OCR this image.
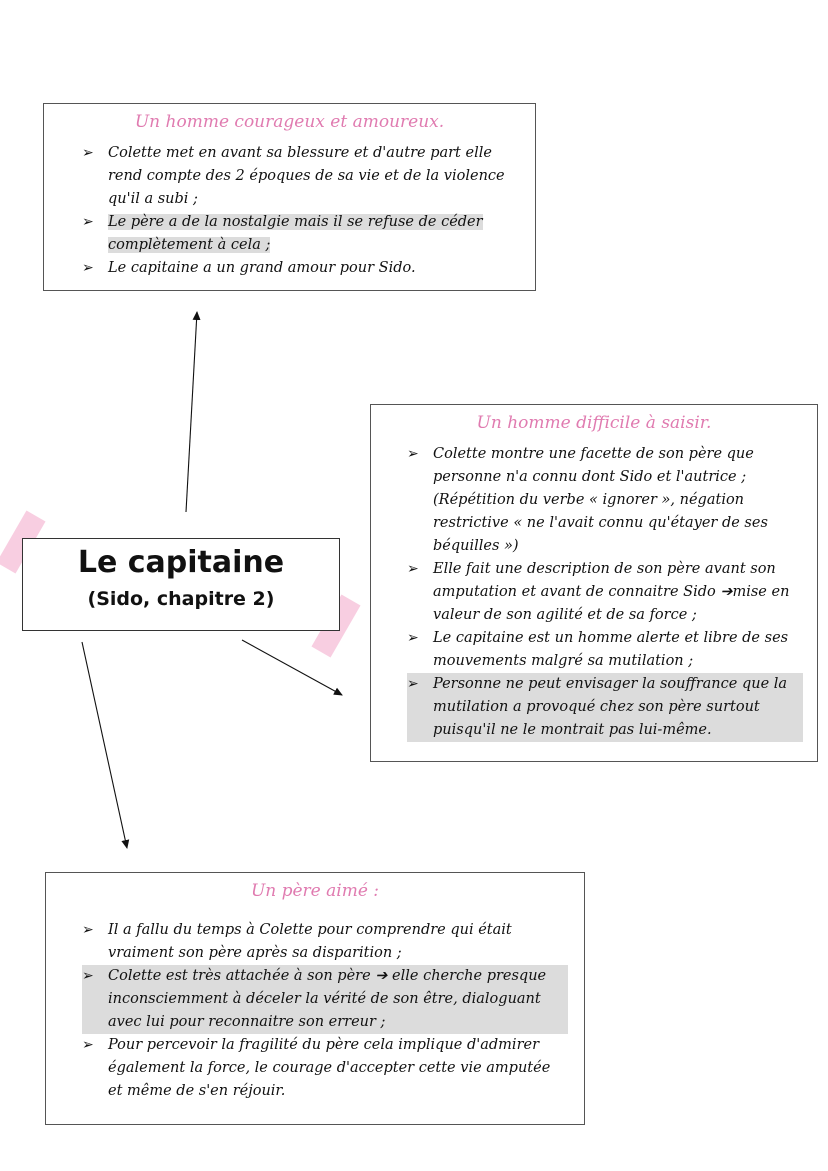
Un homme courageux et amoureux.

➢ Colette met en avant sa blessure et d'autre part elle rend compte des 2 époques de sa vie et de la violence qu'il a subi ;
➢ Le père a de la nostalgie mais il se refuse de céder complètement à cela ;
➢ Le capitaine a un grand amour pour Sido.
Le capitaine
(Sido, chapitre 2)

Un homme difficile à saisir.

➢ Colette montre une facette de son père que personne n'a connu dont Sido et l'autrice ; (Répétition du verbe « ignorer », négation restrictive « ne l'avait connu qu'étayer de ses béquilles »)
➢ Elle fait une description de son père avant son amputation et avant de connaitre Sido ➔mise en valeur de son agilité et de sa force ;
➢ Le capitaine est un homme alerte et libre de ses mouvements malgré sa mutilation ;
➢ Personne ne peut envisager la souffrance que la mutilation a provoqué chez son père surtout puisqu'il ne le montrait pas lui-même.

Un père aimé :

➢ Il a fallu du temps à Colette pour comprendre qui était vraiment son père après sa disparition ;
➢ Colette est très attachée à son père ➔ elle cherche presque inconsciemment à déceler la vérité de son être, dialoguant avec lui pour reconnaitre son erreur ;
➢ Pour percevoir la fragilité du père cela implique d'admirer également la force, le courage d'accepter cette vie amputée et même de s'en réjouir.
